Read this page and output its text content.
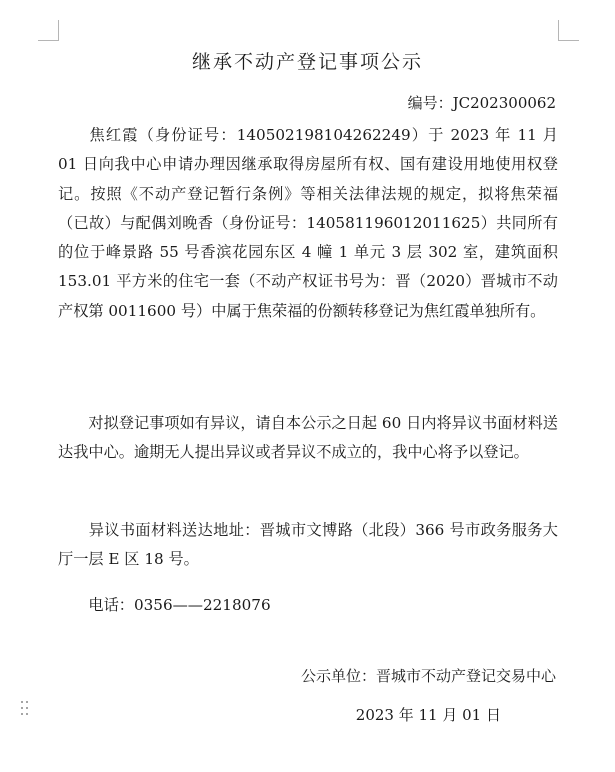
继承不动产登记事项公示
编号：JC202300062

焦红霞（身份证号：140502198104262249）于 2023 年 11 月 01 日向我中心申请办理因继承取得房屋所有权、国有建设用地使用权登记。按照《不动产登记暂行条例》等相关法律法规的规定，拟将焦荣福（已故）与配偶刘晚香（身份证号：140581196012011625）共同所有的位于峰景路 55 号香滨花园东区 4 幢 1 单元 3 层 302 室，建筑面积 153.01 平方米的住宅一套（不动产权证书号为：晋（2020）晋城市不动产权第 0011600 号）中属于焦荣福的份额转移登记为焦红霞单独所有。

对拟登记事项如有异议，请自本公示之日起 60 日内将异议书面材料送达我中心。逾期无人提出异议或者异议不成立的，我中心将予以登记。

异议书面材料送达地址：晋城市文博路（北段）366 号市政务服务大厅一层 E 区 18 号。

电话：0356——2218076

公示单位：晋城市不动产登记交易中心
2023 年 11 月 01 日
